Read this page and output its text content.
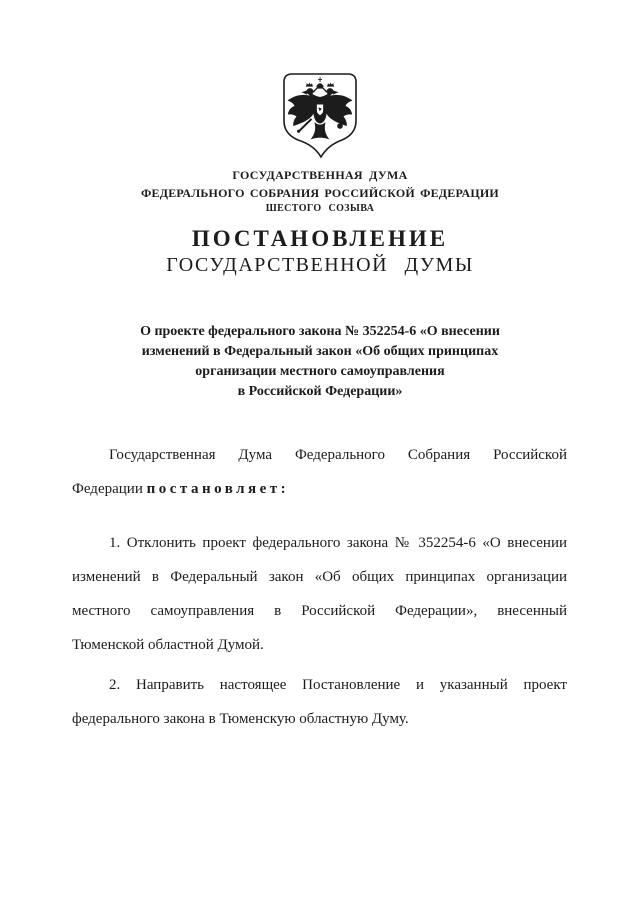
ГОСУДАРСТВЕННАЯ ДУМА
ФЕДЕРАЛЬНОГО СОБРАНИЯ РОССИЙСКОЙ ФЕДЕРАЦИИ
ШЕСТОГО СОЗЫВА
ПОСТАНОВЛЕНИЕ
ГОСУДАРСТВЕННОЙ ДУМЫ
О проекте федерального закона № 352254-6 «О внесении
изменений в Федеральный закон «Об общих принципах
организации местного самоуправления
в Российской Федерации»
Государственная Дума Федерального Собрания Российской
Федерации постановляет:
1. Отклонить проект федерального закона № 352254-6 «О внесении
изменений в Федеральный закон «Об общих принципах организации
местного самоуправления в Российской Федерации», внесенный
Тюменской областной Думой.
2. Направить настоящее Постановление и указанный проект
федерального закона в Тюменскую областную Думу.
